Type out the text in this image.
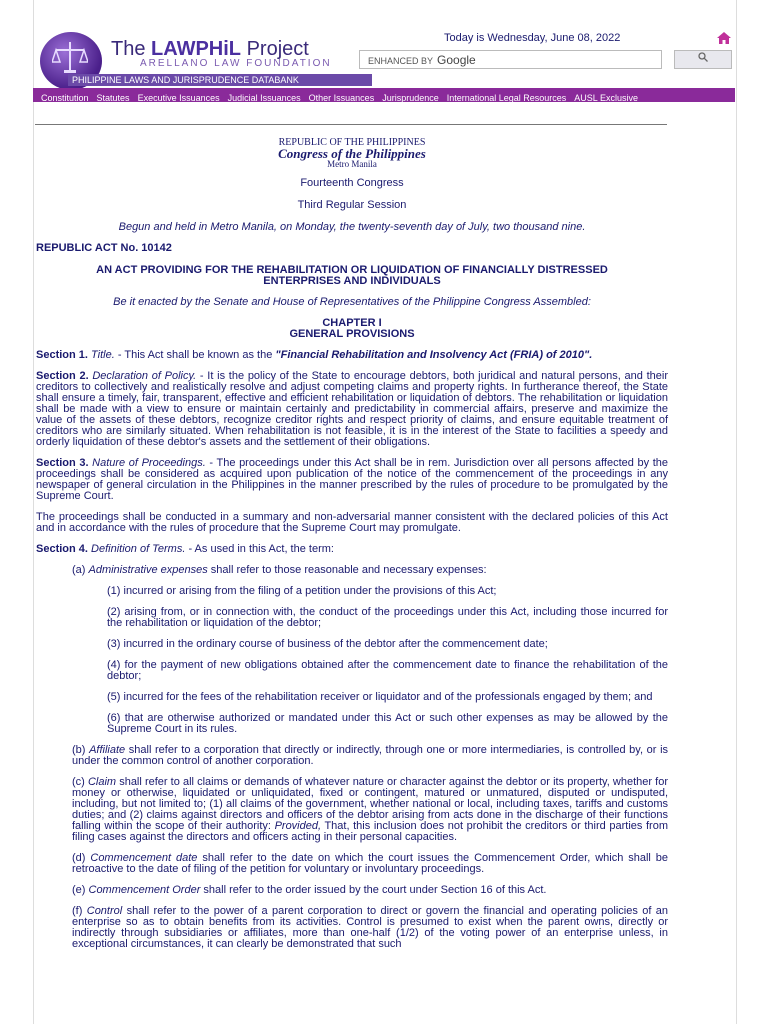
LAWPHiL
The LAWPHiL Project
ARELLANO LAW FOUNDATION
PHILIPPINE LAWS AND JURISPRUDENCE DATABANK
Today is Wednesday, June 08, 2022
ENHANCED BY Google
Constitution Statutes Executive Issuances Judicial Issuances Other Issuances Jurisprudence International Legal Resources AUSL Exclusive
REPUBLIC OF THE PHILIPPINES
Congress of the Philippines
Metro Manila
Fourteenth Congress
Third Regular Session
Begun and held in Metro Manila, on Monday, the twenty-seventh day of July, two thousand nine.
REPUBLIC ACT No. 10142
AN ACT PROVIDING FOR THE REHABILITATION OR LIQUIDATION OF FINANCIALLY DISTRESSED ENTERPRISES AND INDIVIDUALS
Be it enacted by the Senate and House of Representatives of the Philippine Congress Assembled:
CHAPTER I
GENERAL PROVISIONS

Section 1. Title. - This Act shall be known as the "Financial Rehabilitation and Insolvency Act (FRIA) of 2010".

Section 2. Declaration of Policy. - It is the policy of the State to encourage debtors, both juridical and natural persons, and their creditors to collectively and realistically resolve and adjust competing claims and property rights. In furtherance thereof, the State shall ensure a timely, fair, transparent, effective and efficient rehabilitation or liquidation of debtors. The rehabilitation or liquidation shall be made with a view to ensure or maintain certainly and predictability in commercial affairs, preserve and maximize the value of the assets of these debtors, recognize creditor rights and respect priority of claims, and ensure equitable treatment of creditors who are similarly situated. When rehabilitation is not feasible, it is in the interest of the State to facilities a speedy and orderly liquidation of these debtor's assets and the settlement of their obligations.

Section 3. Nature of Proceedings. - The proceedings under this Act shall be in rem. Jurisdiction over all persons affected by the proceedings shall be considered as acquired upon publication of the notice of the commencement of the proceedings in any newspaper of general circulation in the Philippines in the manner prescribed by the rules of procedure to be promulgated by the Supreme Court.

The proceedings shall be conducted in a summary and non-adversarial manner consistent with the declared policies of this Act and in accordance with the rules of procedure that the Supreme Court may promulgate.

Section 4. Definition of Terms. - As used in this Act, the term:

(a) Administrative expenses shall refer to those reasonable and necessary expenses:

(1) incurred or arising from the filing of a petition under the provisions of this Act;

(2) arising from, or in connection with, the conduct of the proceedings under this Act, including those incurred for the rehabilitation or liquidation of the debtor;

(3) incurred in the ordinary course of business of the debtor after the commencement date;

(4) for the payment of new obligations obtained after the commencement date to finance the rehabilitation of the debtor;

(5) incurred for the fees of the rehabilitation receiver or liquidator and of the professionals engaged by them; and

(6) that are otherwise authorized or mandated under this Act or such other expenses as may be allowed by the Supreme Court in its rules.

(b) Affiliate shall refer to a corporation that directly or indirectly, through one or more intermediaries, is controlled by, or is under the common control of another corporation.

(c) Claim shall refer to all claims or demands of whatever nature or character against the debtor or its property, whether for money or otherwise, liquidated or unliquidated, fixed or contingent, matured or unmatured, disputed or undisputed, including, but not limited to; (1) all claims of the government, whether national or local, including taxes, tariffs and customs duties; and (2) claims against directors and officers of the debtor arising from acts done in the discharge of their functions falling within the scope of their authority: Provided, That, this inclusion does not prohibit the creditors or third parties from filing cases against the directors and officers acting in their personal capacities.

(d) Commencement date shall refer to the date on which the court issues the Commencement Order, which shall be retroactive to the date of filing of the petition for voluntary or involuntary proceedings.

(e) Commencement Order shall refer to the order issued by the court under Section 16 of this Act.

(f) Control shall refer to the power of a parent corporation to direct or govern the financial and operating policies of an enterprise so as to obtain benefits from its activities. Control is presumed to exist when the parent owns, directly or indirectly through subsidiaries or affiliates, more than one-half (1/2) of the voting power of an enterprise unless, in exceptional circumstances, it can clearly be demonstrated that such
